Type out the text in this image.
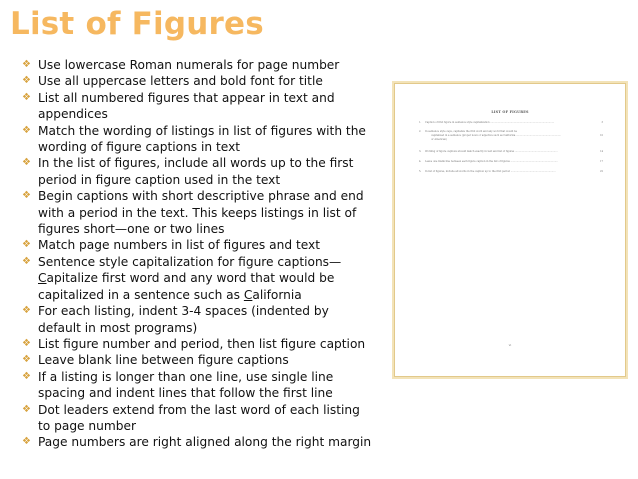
List of Figures
❖ Use lowercase Roman numerals for page number
❖ Use all uppercase letters and bold font for title
❖ List all numbered figures that appear in text and appendices
❖ Match the wording of listings in list of figures with the wording of figure captions in text
❖ In the list of figures, include all words up to the first period in figure caption used in the text
❖ Begin captions with short descriptive phrase and end with a period in the text. This keeps listings in list of figures short—one or two lines
❖ Match page numbers in list of figures and text
❖ Sentence style capitalization for figure captions—Capitalize first word and any word that would be capitalized in a sentence such as California
❖ For each listing, indent 3-4 spaces (indented by default in most programs)
❖ List figure number and period, then list figure caption
❖ Leave blank line between figure captions
❖ If a listing is longer than one line, use single line spacing and indent lines that follow the first line
❖ Dot leaders extend from the last word of each listing to page number
❖ Page numbers are right aligned along the right margin
LIST OF FIGURES
1. Caption of first figure in sentence style capitalization ....................................................................................	3
2. In sentence style caps, capitalize the first word and any word that would be
capitalized in a sentence (proper noun or adjective such as California ...........................................................	10
or American)
3. Wording of figure captions should match exactly in text and list of figures ........................................................	14
4. Leave one blank line between each figure caption in the list of figures ..............................................................	17
5. In list of figures, include all words in the caption up to the first period ...........................................................	22
vi
